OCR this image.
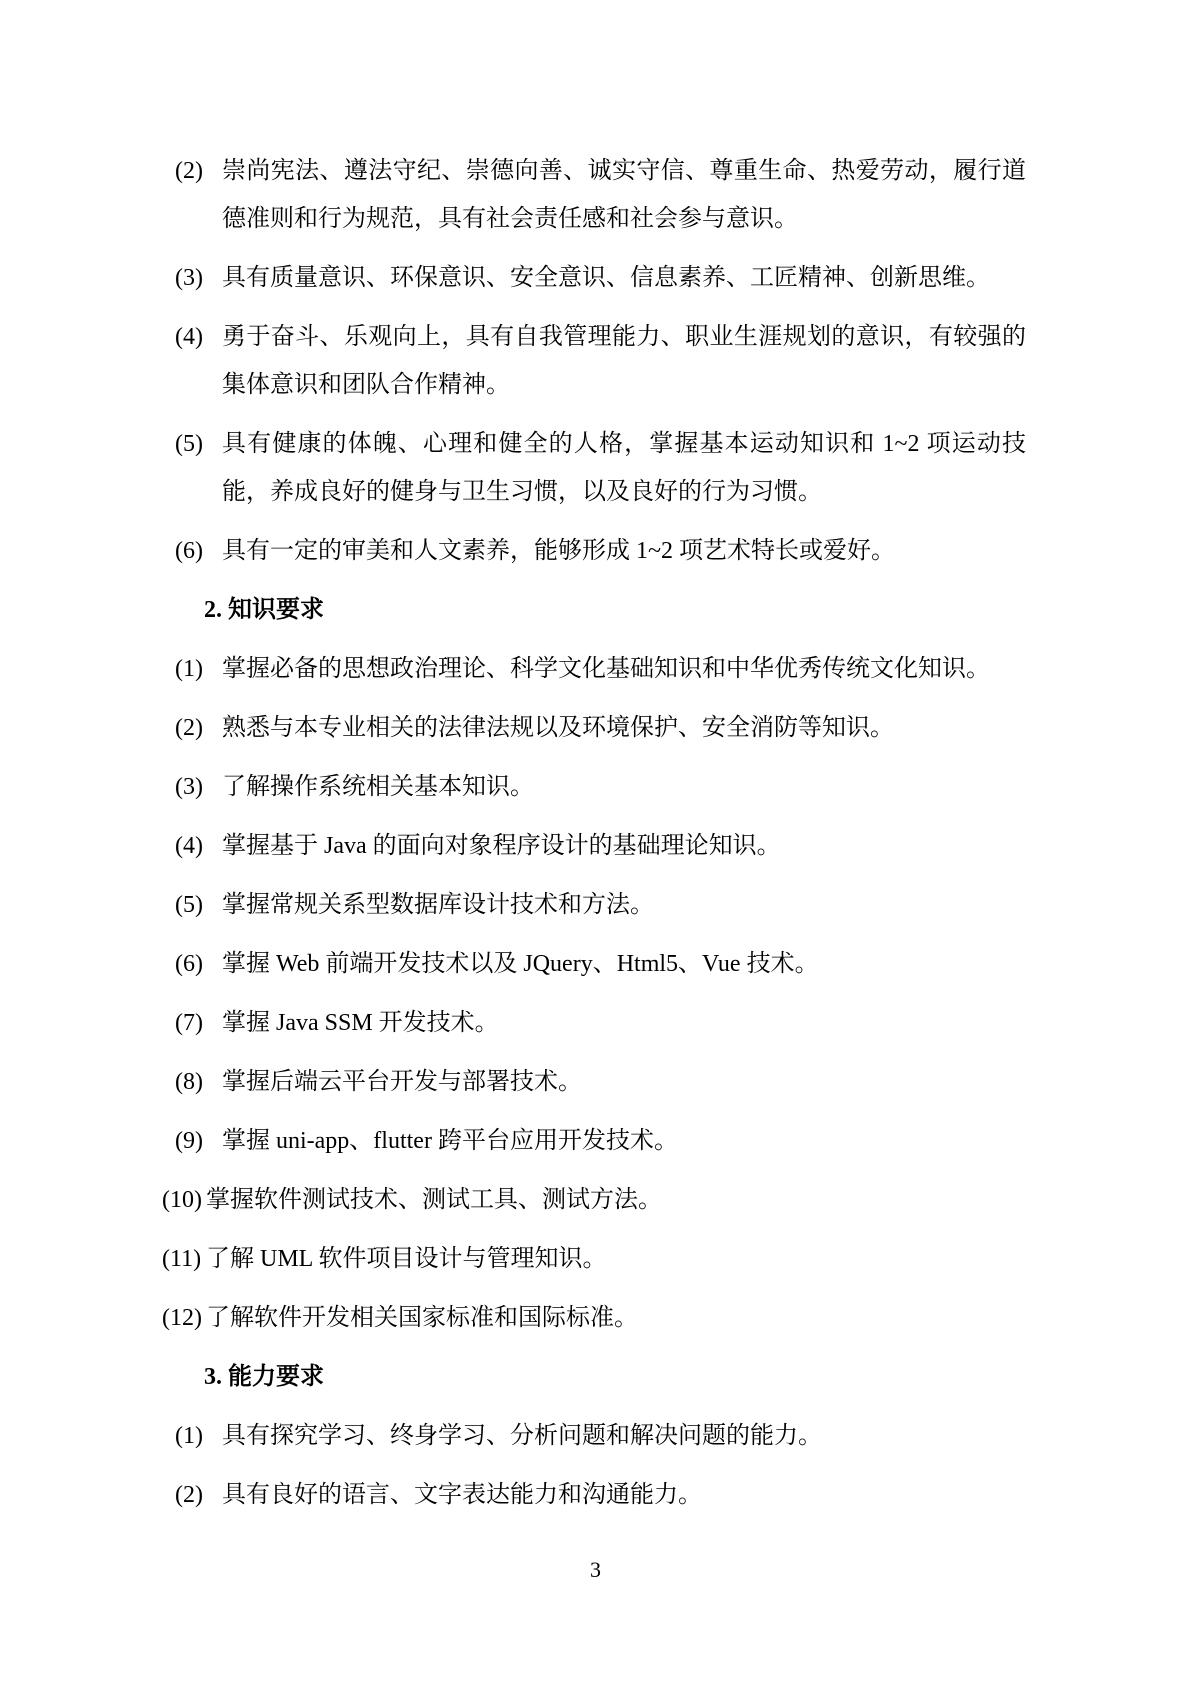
(2) 崇尚宪法、遵法守纪、崇德向善、诚实守信、尊重生命、热爱劳动，履行道德准则和行为规范，具有社会责任感和社会参与意识。
(3) 具有质量意识、环保意识、安全意识、信息素养、工匠精神、创新思维。
(4) 勇于奋斗、乐观向上，具有自我管理能力、职业生涯规划的意识，有较强的集体意识和团队合作精神。
(5) 具有健康的体魄、心理和健全的人格，掌握基本运动知识和 1~2 项运动技能，养成良好的健身与卫生习惯，以及良好的行为习惯。
(6) 具有一定的审美和人文素养，能够形成 1~2 项艺术特长或爱好。
2. 知识要求
(1) 掌握必备的思想政治理论、科学文化基础知识和中华优秀传统文化知识。
(2) 熟悉与本专业相关的法律法规以及环境保护、安全消防等知识。
(3) 了解操作系统相关基本知识。
(4) 掌握基于 Java 的面向对象程序设计的基础理论知识。
(5) 掌握常规关系型数据库设计技术和方法。
(6) 掌握 Web 前端开发技术以及 JQuery、Html5、Vue 技术。
(7) 掌握 Java SSM 开发技术。
(8) 掌握后端云平台开发与部署技术。
(9) 掌握 uni-app、flutter 跨平台应用开发技术。
(10) 掌握软件测试技术、测试工具、测试方法。
(11) 了解 UML 软件项目设计与管理知识。
(12) 了解软件开发相关国家标准和国际标准。
3. 能力要求
(1) 具有探究学习、终身学习、分析问题和解决问题的能力。
(2) 具有良好的语言、文字表达能力和沟通能力。
3
